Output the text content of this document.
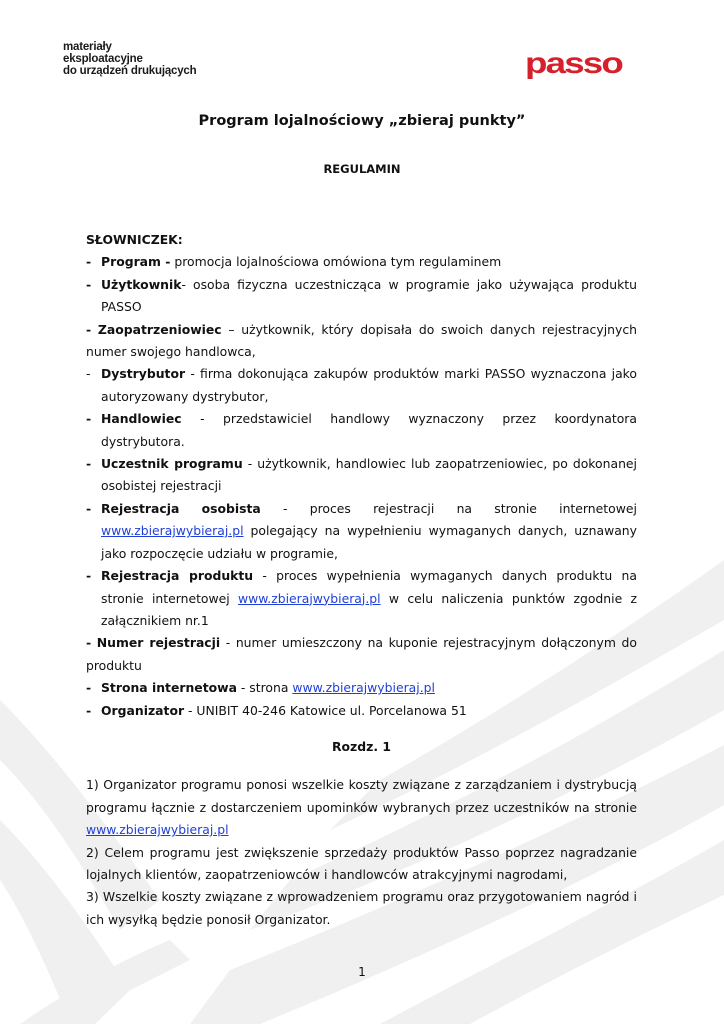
materiały
eksploatacyjne
do urządzeń drukujących	passo
Program lojalnościowy „zbieraj punkty”
REGULAMIN
SŁOWNICZEK:
- Program - promocja lojalnościowa omówiona tym regulaminem
- Użytkownik- osoba fizyczna uczestnicząca w programie jako używająca produktu PASSO
- Zaopatrzeniowiec – użytkownik, który dopisała do swoich danych rejestracyjnych numer swojego handlowca,
- Dystrybutor - firma dokonująca zakupów produktów marki PASSO wyznaczona jako autoryzowany dystrybutor,
- Handlowiec - przedstawiciel handlowy wyznaczony przez koordynatora dystrybutora.
- Uczestnik programu - użytkownik, handlowiec lub zaopatrzeniowiec, po dokonanej osobistej rejestracji
- Rejestracja osobista - proces rejestracji na stronie internetowej
www.zbierajwybieraj.pl polegający na wypełnieniu wymaganych danych, uznawany jako rozpoczęcie udziału w programie,
- Rejestracja produktu - proces wypełnienia wymaganych danych produktu na stronie internetowej www.zbierajwybieraj.pl w celu naliczenia punktów zgodnie z załącznikiem nr.1
- Numer rejestracji - numer umieszczony na kuponie rejestracyjnym dołączonym do produktu
- Strona internetowa - strona www.zbierajwybieraj.pl
- Organizator - UNIBIT 40-246 Katowice ul. Porcelanowa 51
Rozdz. 1
1) Organizator programu ponosi wszelkie koszty związane z zarządzaniem i dystrybucją programu łącznie z dostarczeniem upominków wybranych przez uczestników na stronie www.zbierajwybieraj.pl
2) Celem programu jest zwiększenie sprzedaży produktów Passo poprzez nagradzanie lojalnych klientów, zaopatrzeniowców i handlowców atrakcyjnymi nagrodami,
3) Wszelkie koszty związane z wprowadzeniem programu oraz przygotowaniem nagród i ich wysyłką będzie ponosił Organizator.
1
